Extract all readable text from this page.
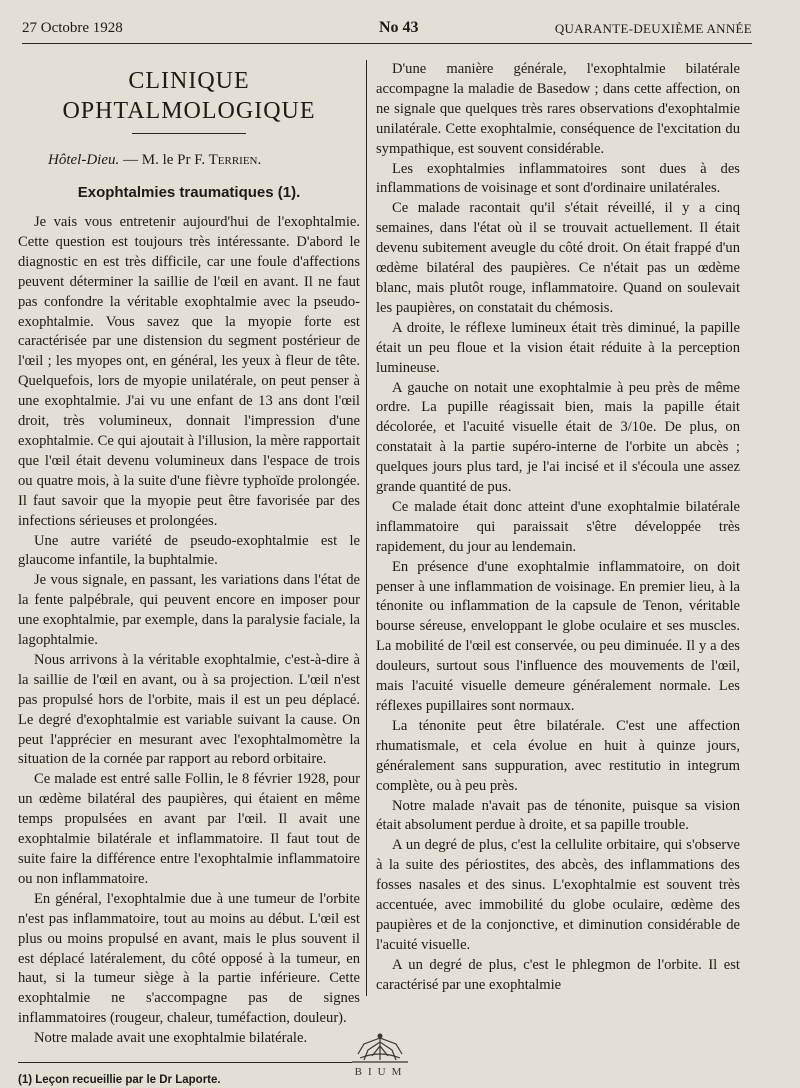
27 Octobre 1928	No 43	QUARANTE-DEUXIÈME ANNÉE
CLINIQUE OPHTALMOLOGIQUE
Hôtel-Dieu. — M. le Pr F. Terrien.
Exophtalmies traumatiques (1).

Je vais vous entretenir aujourd'hui de l'exophtalmie. Cette question est toujours très intéressante. D'abord le diagnostic en est très difficile, car une foule d'affections peuvent déterminer la saillie de l'œil en avant. Il ne faut pas confondre la véritable exophtalmie avec la pseudo-exophtalmie. Vous savez que la myopie forte est caractérisée par une distension du segment postérieur de l'œil ; les myopes ont, en général, les yeux à fleur de tête. Quelquefois, lors de myopie unilatérale, on peut penser à une exophtalmie. J'ai vu une enfant de 13 ans dont l'œil droit, très volumineux, donnait l'impression d'une exophtalmie. Ce qui ajoutait à l'illusion, la mère rapportait que l'œil était devenu volumineux dans l'espace de trois ou quatre mois, à la suite d'une fièvre typhoïde prolongée. Il faut savoir que la myopie peut être favorisée par des infections sérieuses et prolongées.

Une autre variété de pseudo-exophtalmie est le glaucome infantile, la buphtalmie.

Je vous signale, en passant, les variations dans l'état de la fente palpébrale, qui peuvent encore en imposer pour une exophtalmie, par exemple, dans la paralysie faciale, la lagophtalmie.

Nous arrivons à la véritable exophtalmie, c'est-à-dire à la saillie de l'œil en avant, ou à sa projection. L'œil n'est pas propulsé hors de l'orbite, mais il est un peu déplacé. Le degré d'exophtalmie est variable suivant la cause. On peut l'apprécier en mesurant avec l'exophtalmomètre la situation de la cornée par rapport au rebord orbitaire.

Ce malade est entré salle Follin, le 8 février 1928, pour un œdème bilatéral des paupières, qui étaient en même temps propulsées en avant par l'œil. Il avait une exophtalmie bilatérale et inflammatoire. Il faut tout de suite faire la différence entre l'exophtalmie inflammatoire ou non inflammatoire.

En général, l'exophtalmie due à une tumeur de l'orbite n'est pas inflammatoire, tout au moins au début. L'œil est plus ou moins propulsé en avant, mais le plus souvent il est déplacé latéralement, du côté opposé à la tumeur, en haut, si la tumeur siège à la partie inférieure. Cette exophtalmie ne s'accompagne pas de signes inflammatoires (rougeur, chaleur, tuméfaction, douleur).

Notre malade avait une exophtalmie bilatérale.

(1) Leçon recueillie par le Dr Laporte.

D'une manière générale, l'exophtalmie bilatérale accompagne la maladie de Basedow ; dans cette affection, on ne signale que quelques très rares observations d'exophtalmie unilatérale. Cette exophtalmie, conséquence de l'excitation du sympathique, est souvent considérable.

Les exophtalmies inflammatoires sont dues à des inflammations de voisinage et sont d'ordinaire unilatérales.

Ce malade racontait qu'il s'était réveillé, il y a cinq semaines, dans l'état où il se trouvait actuellement. Il était devenu subitement aveugle du côté droit. On était frappé d'un œdème bilatéral des paupières. Ce n'était pas un œdème blanc, mais plutôt rouge, inflammatoire. Quand on soulevait les paupières, on constatait du chémosis.

A droite, le réflexe lumineux était très diminué, la papille était un peu floue et la vision était réduite à la perception lumineuse.

A gauche on notait une exophtalmie à peu près de même ordre. La pupille réagissait bien, mais la papille était décolorée, et l'acuité visuelle était de 3/10e. De plus, on constatait à la partie supéro-interne de l'orbite un abcès ; quelques jours plus tard, je l'ai incisé et il s'écoula une assez grande quantité de pus.

Ce malade était donc atteint d'une exophtalmie bilatérale inflammatoire qui paraissait s'être développée très rapidement, du jour au lendemain.

En présence d'une exophtalmie inflammatoire, on doit penser à une inflammation de voisinage. En premier lieu, à la ténonite ou inflammation de la capsule de Tenon, véritable bourse séreuse, enveloppant le globe oculaire et ses muscles. La mobilité de l'œil est conservée, ou peu diminuée. Il y a des douleurs, surtout sous l'influence des mouvements de l'œil, mais l'acuité visuelle demeure généralement normale. Les réflexes pupillaires sont normaux.

La ténonite peut être bilatérale. C'est une affection rhumatismale, et cela évolue en huit à quinze jours, généralement sans suppuration, avec restitutio in integrum complète, ou à peu près.

Notre malade n'avait pas de ténonite, puisque sa vision était absolument perdue à droite, et sa papille trouble.

A un degré de plus, c'est la cellulite orbitaire, qui s'observe à la suite des périostites, des abcès, des inflammations des fosses nasales et des sinus. L'exophtalmie est souvent très accentuée, avec immobilité du globe oculaire, œdème des paupières et de la conjonctive, et diminution considérable de l'acuité visuelle.

A un degré de plus, c'est le phlegmon de l'orbite. Il est caractérisé par une exophtalmie

BIUM
